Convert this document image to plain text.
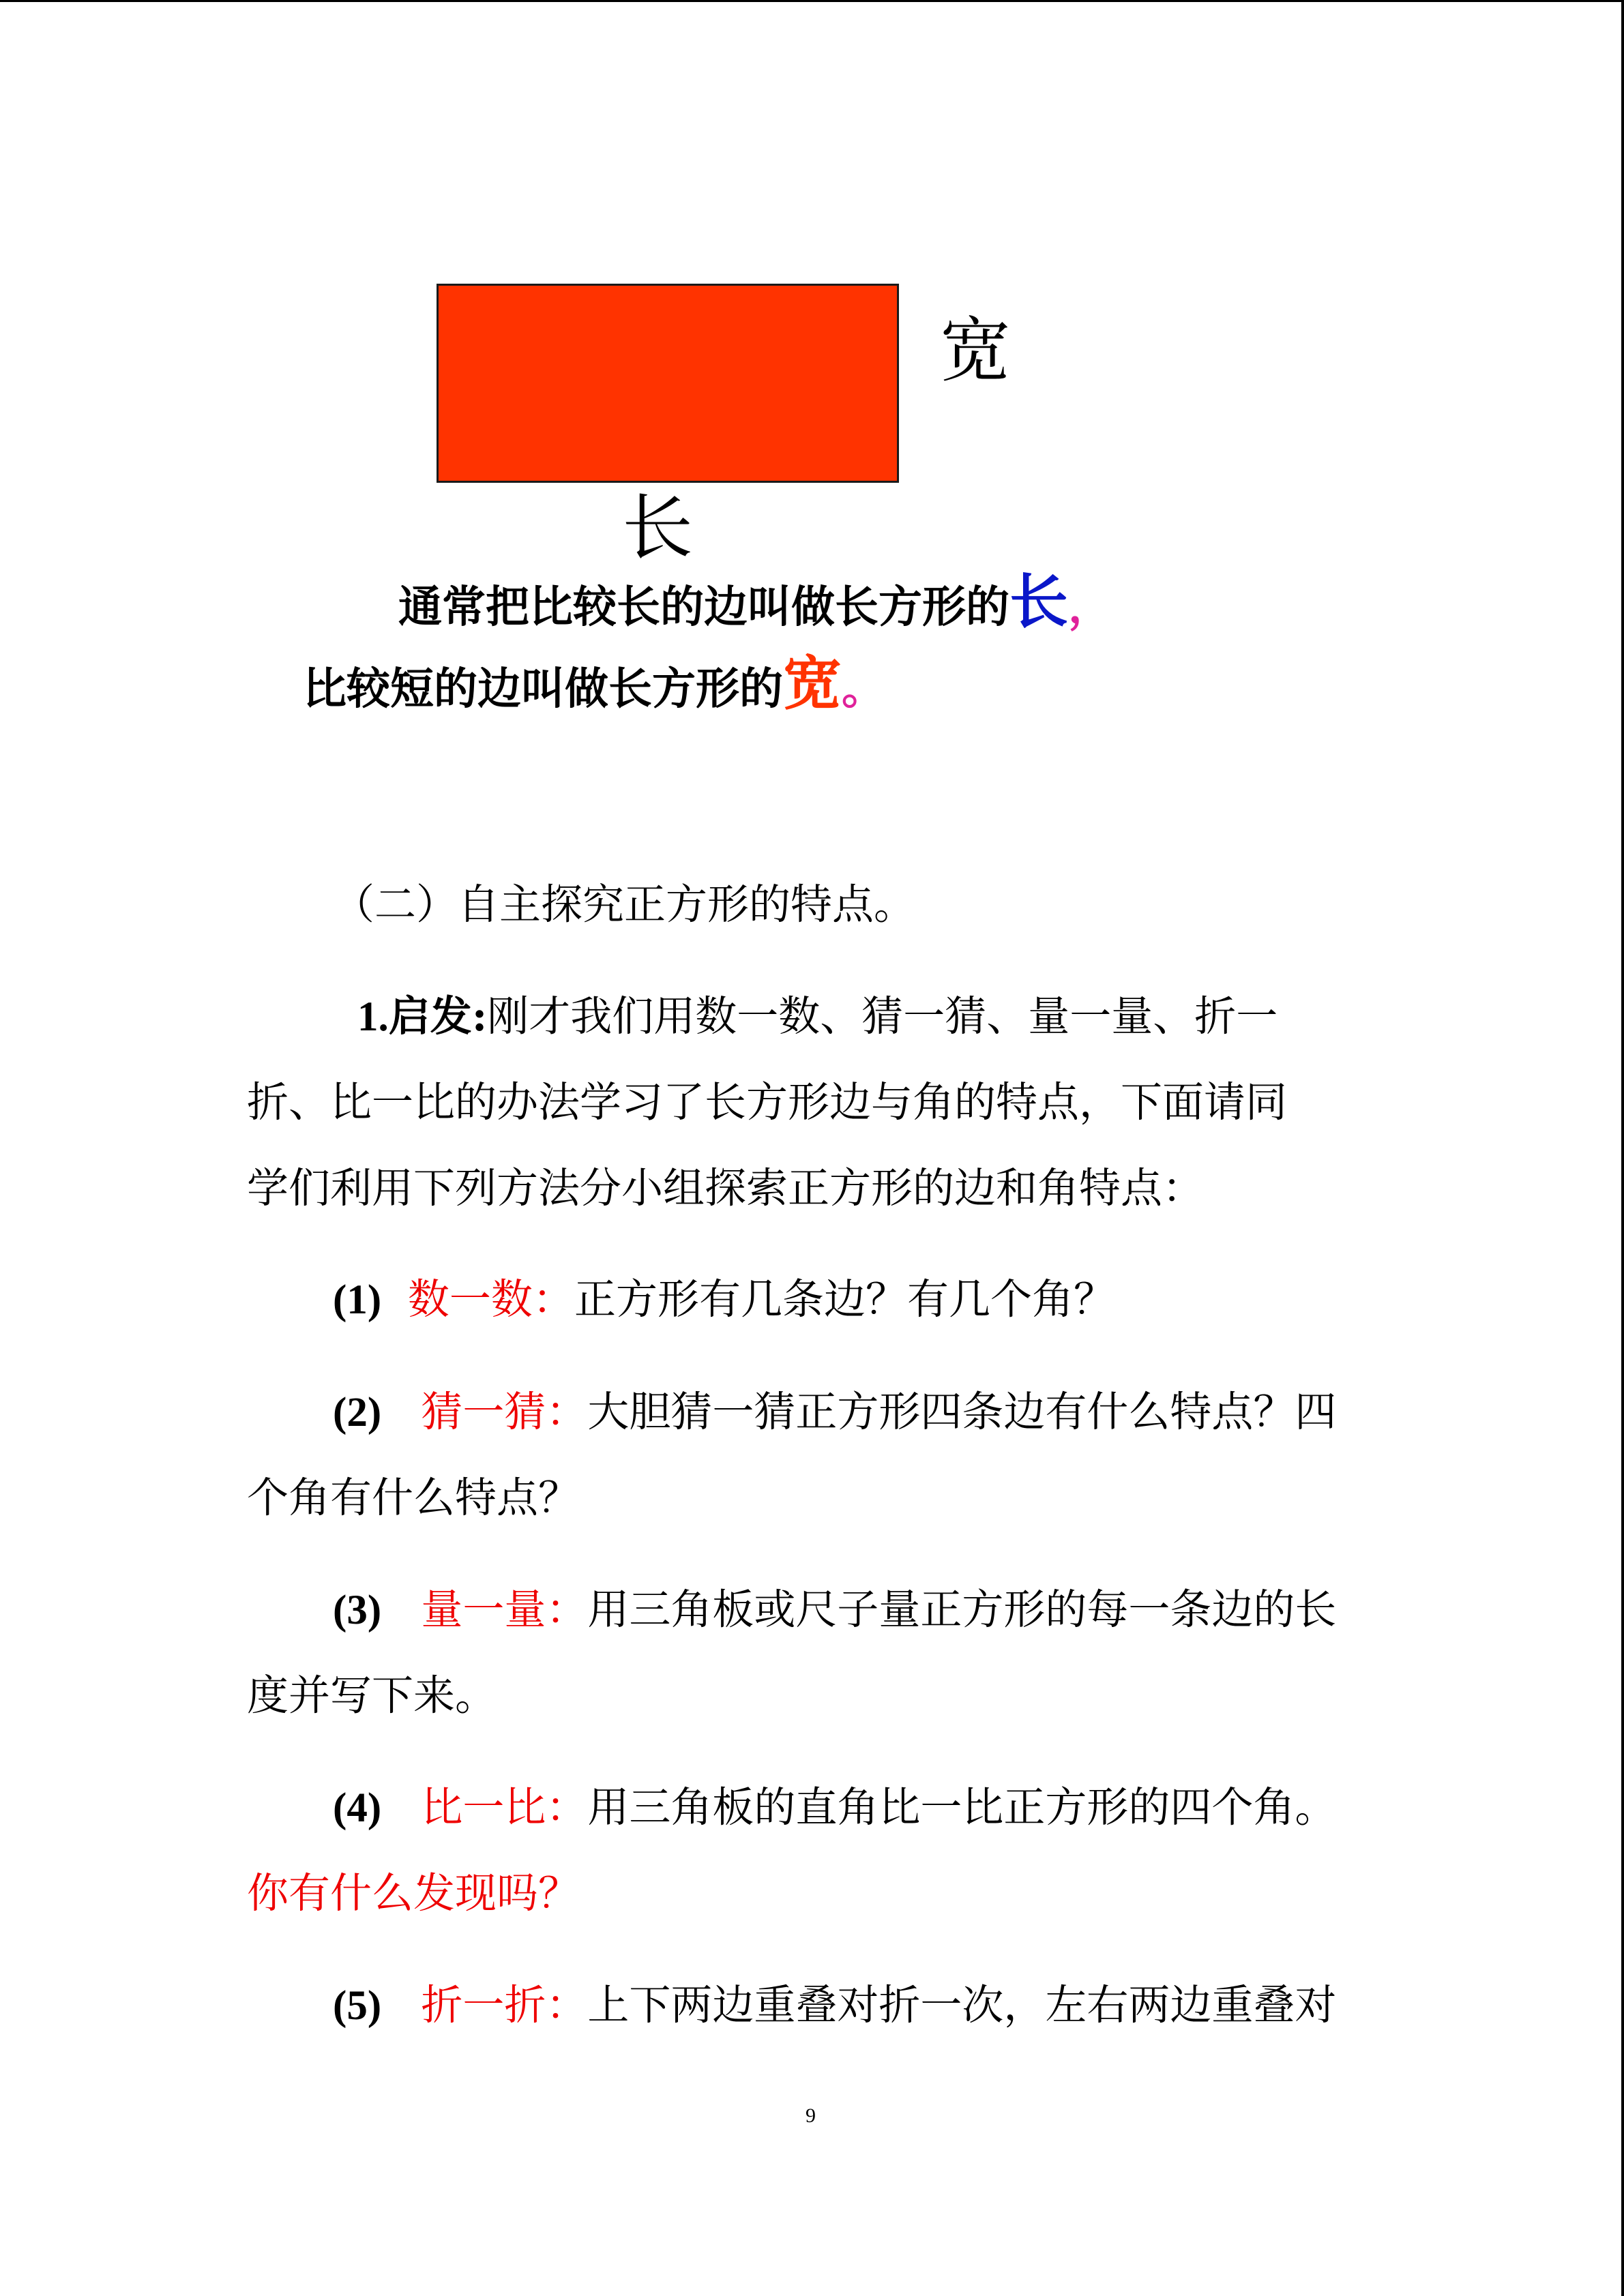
宽
长
通常把比较长的边叫做长方形的长，
比较短的边叫做长方形的宽。
（二）自主探究正方形的特点。
1.启发:刚才我们用数一数、猜一猜、量一量、折一
折、比一比的办法学习了长方形边与角的特点，下面请同
学们利用下列方法分小组探索正方形的边和角特点：
(1) 数一数：正方形有几条边？有几个角？
(2) 猜一猜：大胆猜一猜正方形四条边有什么特点？四
个角有什么特点？
(3) 量一量：用三角板或尺子量正方形的每一条边的长
度并写下来。
(4) 比一比：用三角板的直角比一比正方形的四个角。
你有什么发现吗？
(5) 折一折：上下两边重叠对折一次，左右两边重叠对
9
